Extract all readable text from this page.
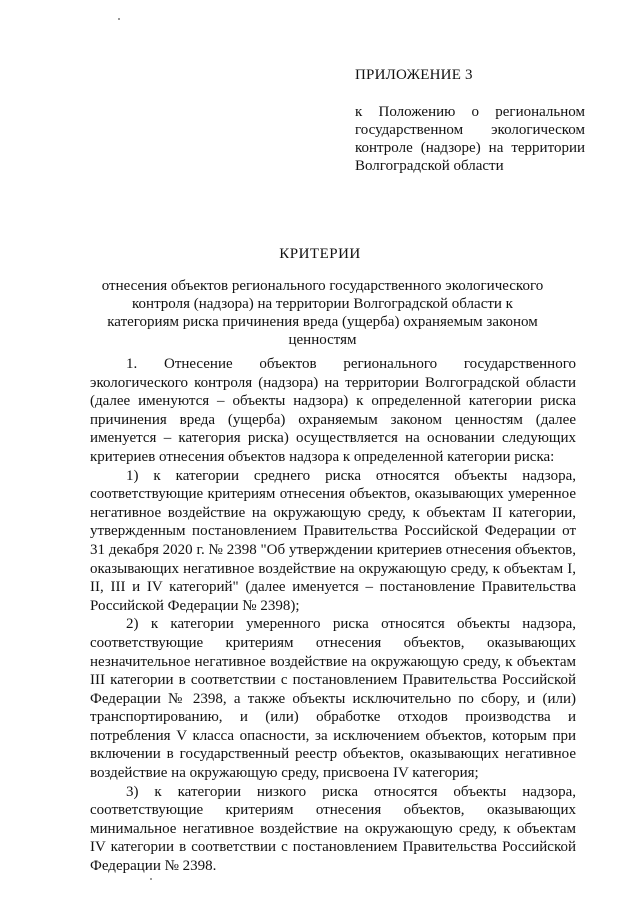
ПРИЛОЖЕНИЕ 3
к Положению о региональном государственном экологическом контроле (надзоре) на территории Волгоградской области
КРИТЕРИИ
отнесения объектов регионального государственного экологического контроля (надзора) на территории Волгоградской области к категориям риска причинения вреда (ущерба) охраняемым законом ценностям

1. Отнесение объектов регионального государственного экологического контроля (надзора) на территории Волгоградской области (далее именуются – объекты надзора) к определенной категории риска причинения вреда (ущерба) охраняемым законом ценностям (далее именуется – категория риска) осуществляется на основании следующих критериев отнесения объектов надзора к определенной категории риска:

1) к категории среднего риска относятся объекты надзора, соответствующие критериям отнесения объектов, оказывающих умеренное негативное воздействие на окружающую среду, к объектам II категории, утвержденным постановлением Правительства Российской Федерации от 31 декабря 2020 г. № 2398 "Об утверждении критериев отнесения объектов, оказывающих негативное воздействие на окружающую среду, к объектам I, II, III и IV категорий" (далее именуется – постановление Правительства Российской Федерации № 2398);

2) к категории умеренного риска относятся объекты надзора, соответствующие критериям отнесения объектов, оказывающих незначительное негативное воздействие на окружающую среду, к объектам III категории в соответствии с постановлением Правительства Российской Федерации № 2398, а также объекты исключительно по сбору, и (или) транспортированию, и (или) обработке отходов производства и потребления V класса опасности, за исключением объектов, которым при включении в государственный реестр объектов, оказывающих негативное воздействие на окружающую среду, присвоена IV категория;

3) к категории низкого риска относятся объекты надзора, соответствующие критериям отнесения объектов, оказывающих минимальное негативное воздействие на окружающую среду, к объектам IV категории в соответствии с постановлением Правительства Российской Федерации № 2398.
